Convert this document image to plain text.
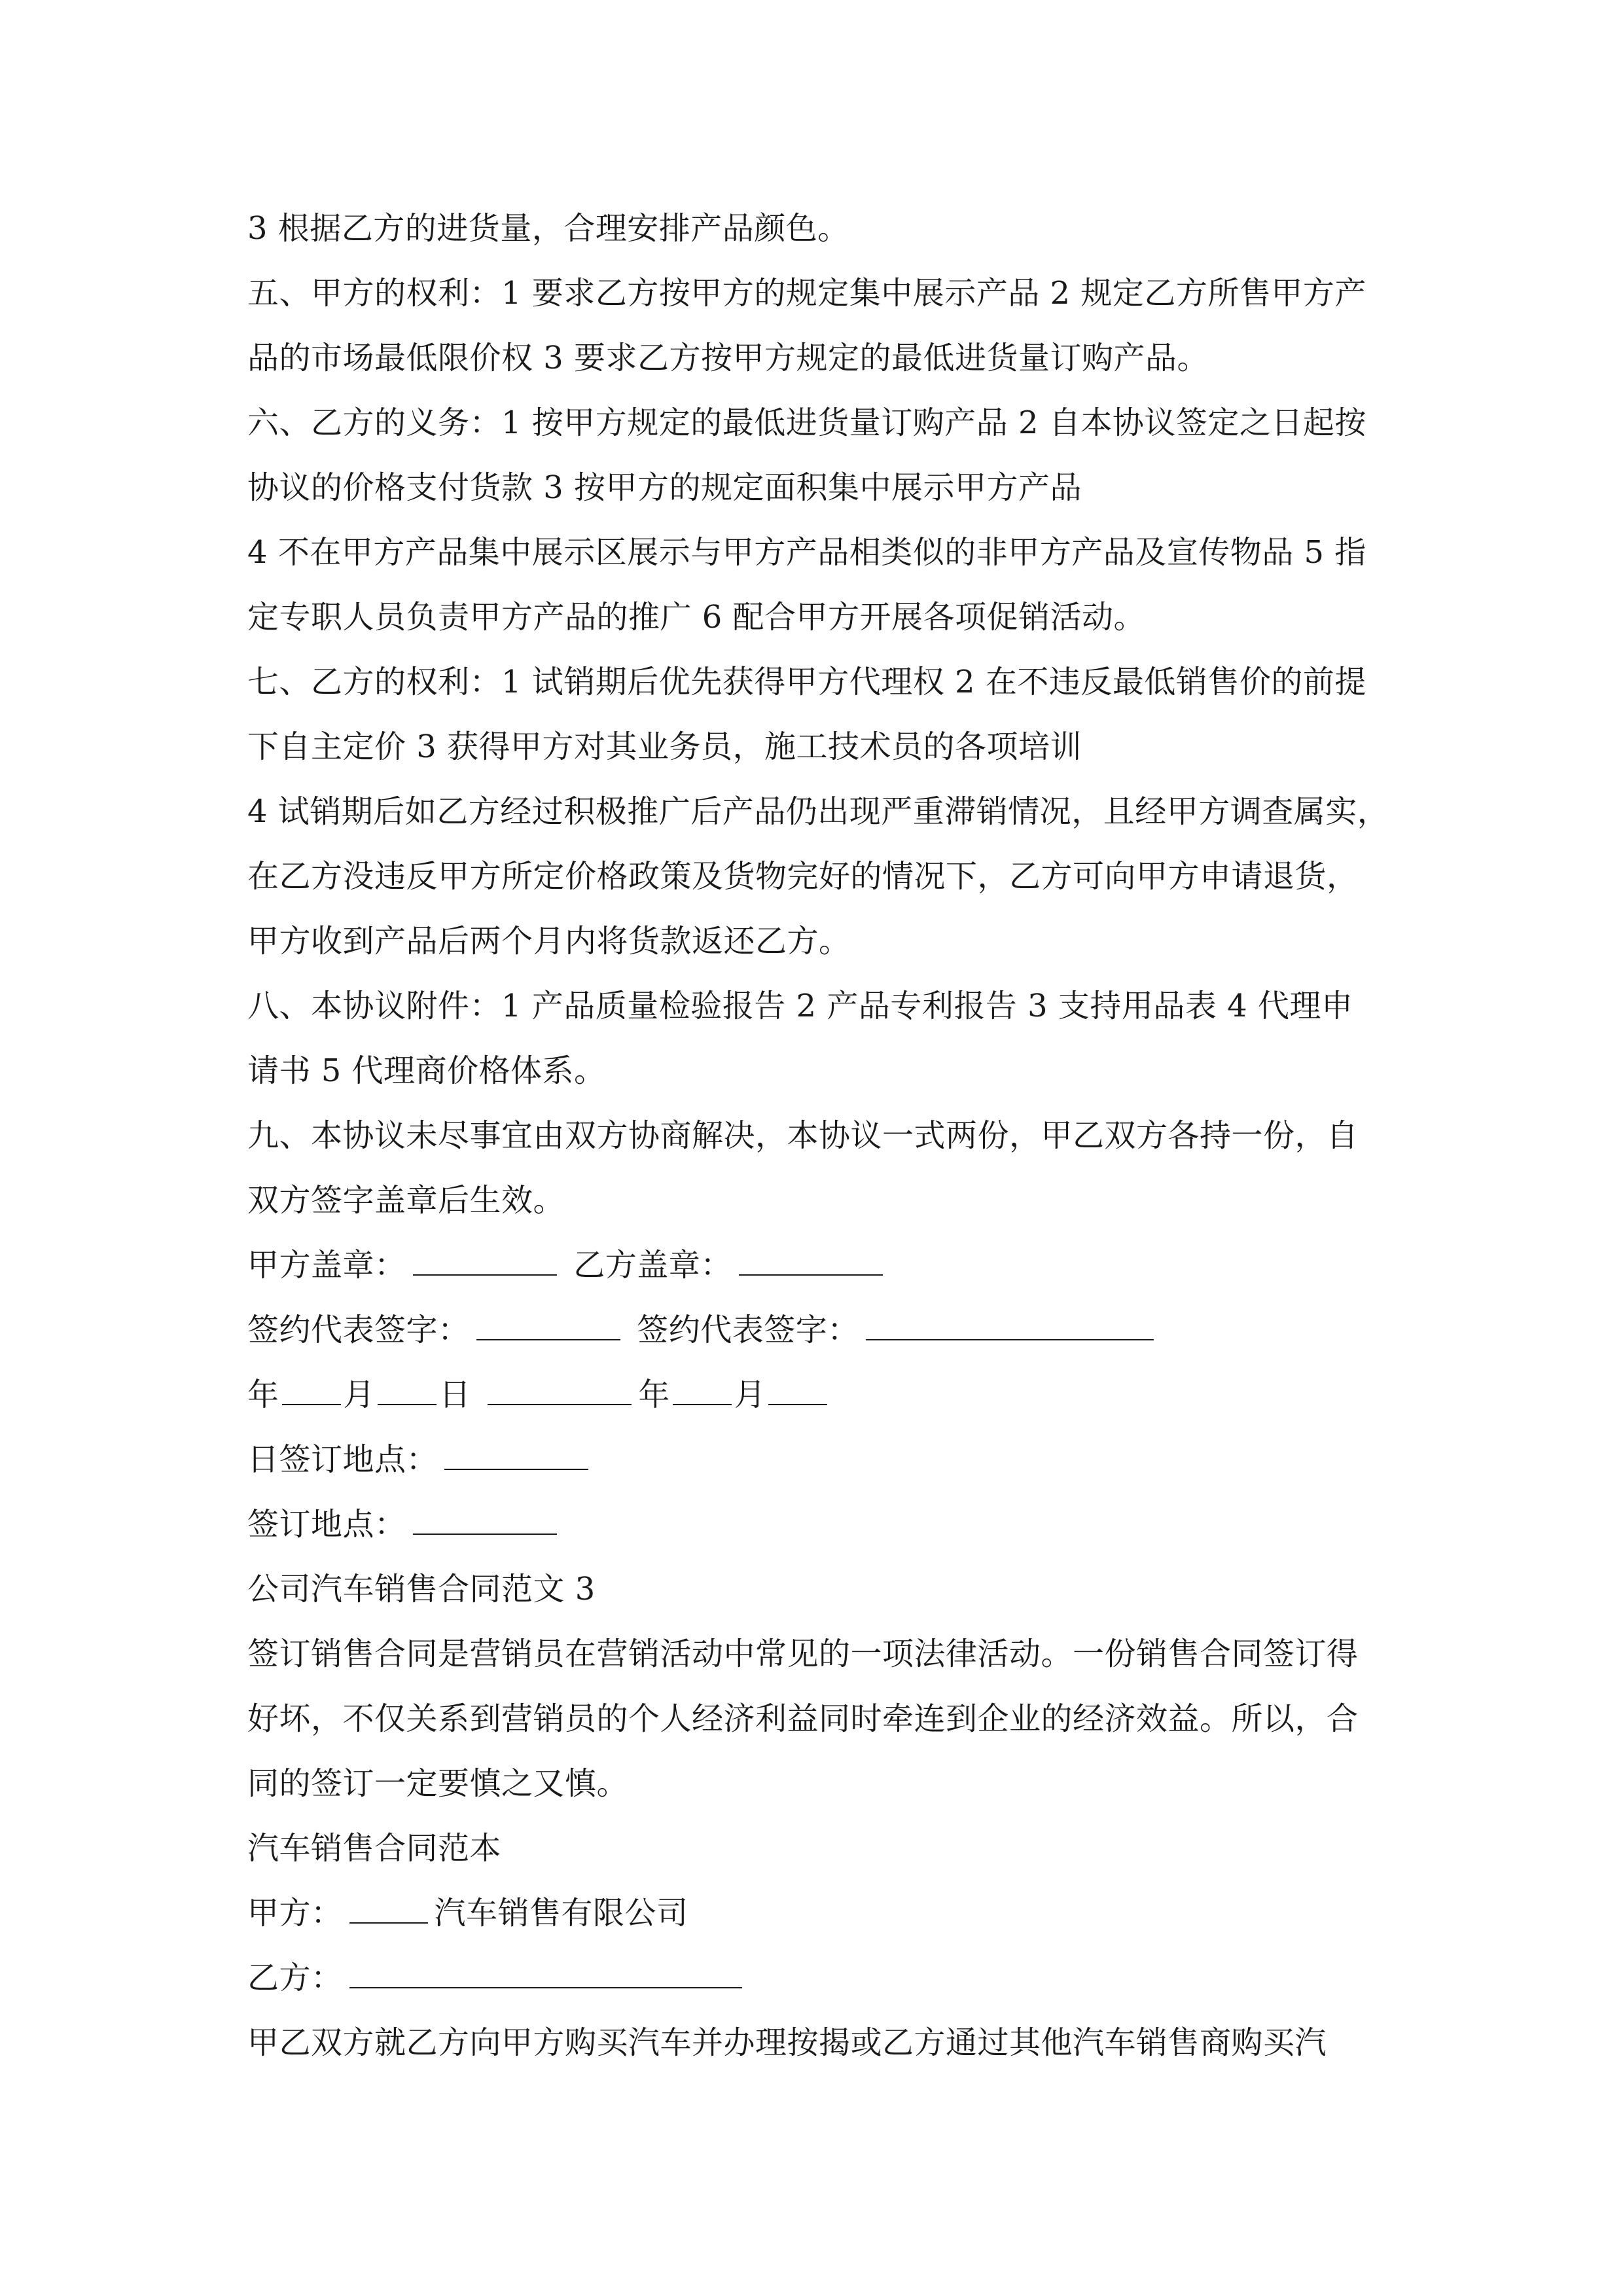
3 根据乙方的进货量，合理安排产品颜色。
五、甲方的权利：1 要求乙方按甲方的规定集中展示产品 2 规定乙方所售甲方产
品的市场最低限价权 3 要求乙方按甲方规定的最低进货量订购产品。
六、乙方的义务：1 按甲方规定的最低进货量订购产品 2 自本协议签定之日起按
协议的价格支付货款 3 按甲方的规定面积集中展示甲方产品
4 不在甲方产品集中展示区展示与甲方产品相类似的非甲方产品及宣传物品 5 指
定专职人员负责甲方产品的推广 6 配合甲方开展各项促销活动。
七、乙方的权利：1 试销期后优先获得甲方代理权 2 在不违反最低销售价的前提
下自主定价 3 获得甲方对其业务员，施工技术员的各项培训
4 试销期后如乙方经过积极推广后产品仍出现严重滞销情况，且经甲方调查属实，
在乙方没违反甲方所定价格政策及货物完好的情况下，乙方可向甲方申请退货，
甲方收到产品后两个月内将货款返还乙方。
八、本协议附件：1 产品质量检验报告 2 产品专利报告 3 支持用品表 4 代理申
请书 5 代理商价格体系。
九、本协议未尽事宜由双方协商解决，本协议一式两份，甲乙双方各持一份，自
双方签字盖章后生效。
甲方盖章：	乙方盖章：
签约代表签字：	签约代表签字：
年 月 日	年 月
日签订地点：
签订地点：
公司汽车销售合同范文 3
签订销售合同是营销员在营销活动中常见的一项法律活动。一份销售合同签订得
好坏，不仅关系到营销员的个人经济利益同时牵连到企业的经济效益。所以，合
同的签订一定要慎之又慎。
汽车销售合同范本
甲方：	汽车销售有限公司
乙方：
甲乙双方就乙方向甲方购买汽车并办理按揭或乙方通过其他汽车销售商购买汽
